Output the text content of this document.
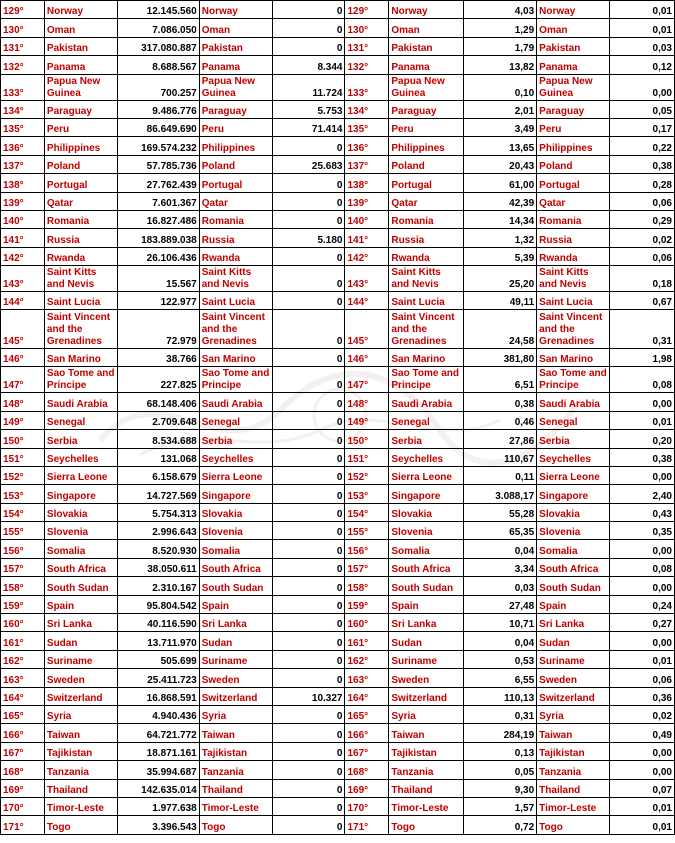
129°	Norway	12.145.560	Norway	0	129°	Norway	4,03	Norway	0,01
130°	Oman	7.086.050	Oman	0	130°	Oman	1,29	Oman	0,01
131°	Pakistan	317.080.887	Pakistan	0	131°	Pakistan	1,79	Pakistan	0,03
132°	Panama	8.688.567	Panama	8.344	132°	Panama	13,82	Panama	0,12
133°	Papua New Guinea	700.257	Papua New Guinea	11.724	133°	Papua New Guinea	0,10	Papua New Guinea	0,00
134°	Paraguay	9.486.776	Paraguay	5.753	134°	Paraguay	2,01	Paraguay	0,05
135°	Peru	86.649.690	Peru	71.414	135°	Peru	3,49	Peru	0,17
136°	Philippines	169.574.232	Philippines	0	136°	Philippines	13,65	Philippines	0,22
137°	Poland	57.785.736	Poland	25.683	137°	Poland	20,43	Poland	0,38
138°	Portugal	27.762.439	Portugal	0	138°	Portugal	61,00	Portugal	0,28
139°	Qatar	7.601.367	Qatar	0	139°	Qatar	42,39	Qatar	0,06
140°	Romania	16.827.486	Romania	0	140°	Romania	14,34	Romania	0,29
141°	Russia	183.889.038	Russia	5.180	141°	Russia	1,32	Russia	0,02
142°	Rwanda	26.106.436	Rwanda	0	142°	Rwanda	5,39	Rwanda	0,06
143°	Saint Kitts and Nevis	15.567	Saint Kitts and Nevis	0	143°	Saint Kitts and Nevis	25,20	Saint Kitts and Nevis	0,18
144°	Saint Lucia	122.977	Saint Lucia	0	144°	Saint Lucia	49,11	Saint Lucia	0,67
145°	Saint Vincent and the Grenadines	72.979	Saint Vincent and the Grenadines	0	145°	Saint Vincent and the Grenadines	24,58	Saint Vincent and the Grenadines	0,31
146°	San Marino	38.766	San Marino	0	146°	San Marino	381,80	San Marino	1,98
147°	Sao Tome and Principe	227.825	Sao Tome and Principe	0	147°	Sao Tome and Principe	6,51	Sao Tome and Principe	0,08
148°	Saudi Arabia	68.148.406	Saudi Arabia	0	148°	Saudi Arabia	0,38	Saudi Arabia	0,00
149°	Senegal	2.709.648	Senegal	0	149°	Senegal	0,46	Senegal	0,01
150°	Serbia	8.534.688	Serbia	0	150°	Serbia	27,86	Serbia	0,20
151°	Seychelles	131.068	Seychelles	0	151°	Seychelles	110,67	Seychelles	0,38
152°	Sierra Leone	6.158.679	Sierra Leone	0	152°	Sierra Leone	0,11	Sierra Leone	0,00
153°	Singapore	14.727.569	Singapore	0	153°	Singapore	3.088,17	Singapore	2,40
154°	Slovakia	5.754.313	Slovakia	0	154°	Slovakia	55,28	Slovakia	0,43
155°	Slovenia	2.996.643	Slovenia	0	155°	Slovenia	65,35	Slovenia	0,35
156°	Somalia	8.520.930	Somalia	0	156°	Somalia	0,04	Somalia	0,00
157°	South Africa	38.050.611	South Africa	0	157°	South Africa	3,34	South Africa	0,08
158°	South Sudan	2.310.167	South Sudan	0	158°	South Sudan	0,03	South Sudan	0,00
159°	Spain	95.804.542	Spain	0	159°	Spain	27,48	Spain	0,24
160°	Sri Lanka	40.116.590	Sri Lanka	0	160°	Sri Lanka	10,71	Sri Lanka	0,27
161°	Sudan	13.711.970	Sudan	0	161°	Sudan	0,04	Sudan	0,00
162°	Suriname	505.699	Suriname	0	162°	Suriname	0,53	Suriname	0,01
163°	Sweden	25.411.723	Sweden	0	163°	Sweden	6,55	Sweden	0,06
164°	Switzerland	16.868.591	Switzerland	10.327	164°	Switzerland	110,13	Switzerland	0,36
165°	Syria	4.940.436	Syria	0	165°	Syria	0,31	Syria	0,02
166°	Taiwan	64.721.772	Taiwan	0	166°	Taiwan	284,19	Taiwan	0,49
167°	Tajikistan	18.871.161	Tajikistan	0	167°	Tajikistan	0,13	Tajikistan	0,00
168°	Tanzania	35.994.687	Tanzania	0	168°	Tanzania	0,05	Tanzania	0,00
169°	Thailand	142.635.014	Thailand	0	169°	Thailand	9,30	Thailand	0,07
170°	Timor-Leste	1.977.638	Timor-Leste	0	170°	Timor-Leste	1,57	Timor-Leste	0,01
171°	Togo	3.396.543	Togo	0	171°	Togo	0,72	Togo	0,01
